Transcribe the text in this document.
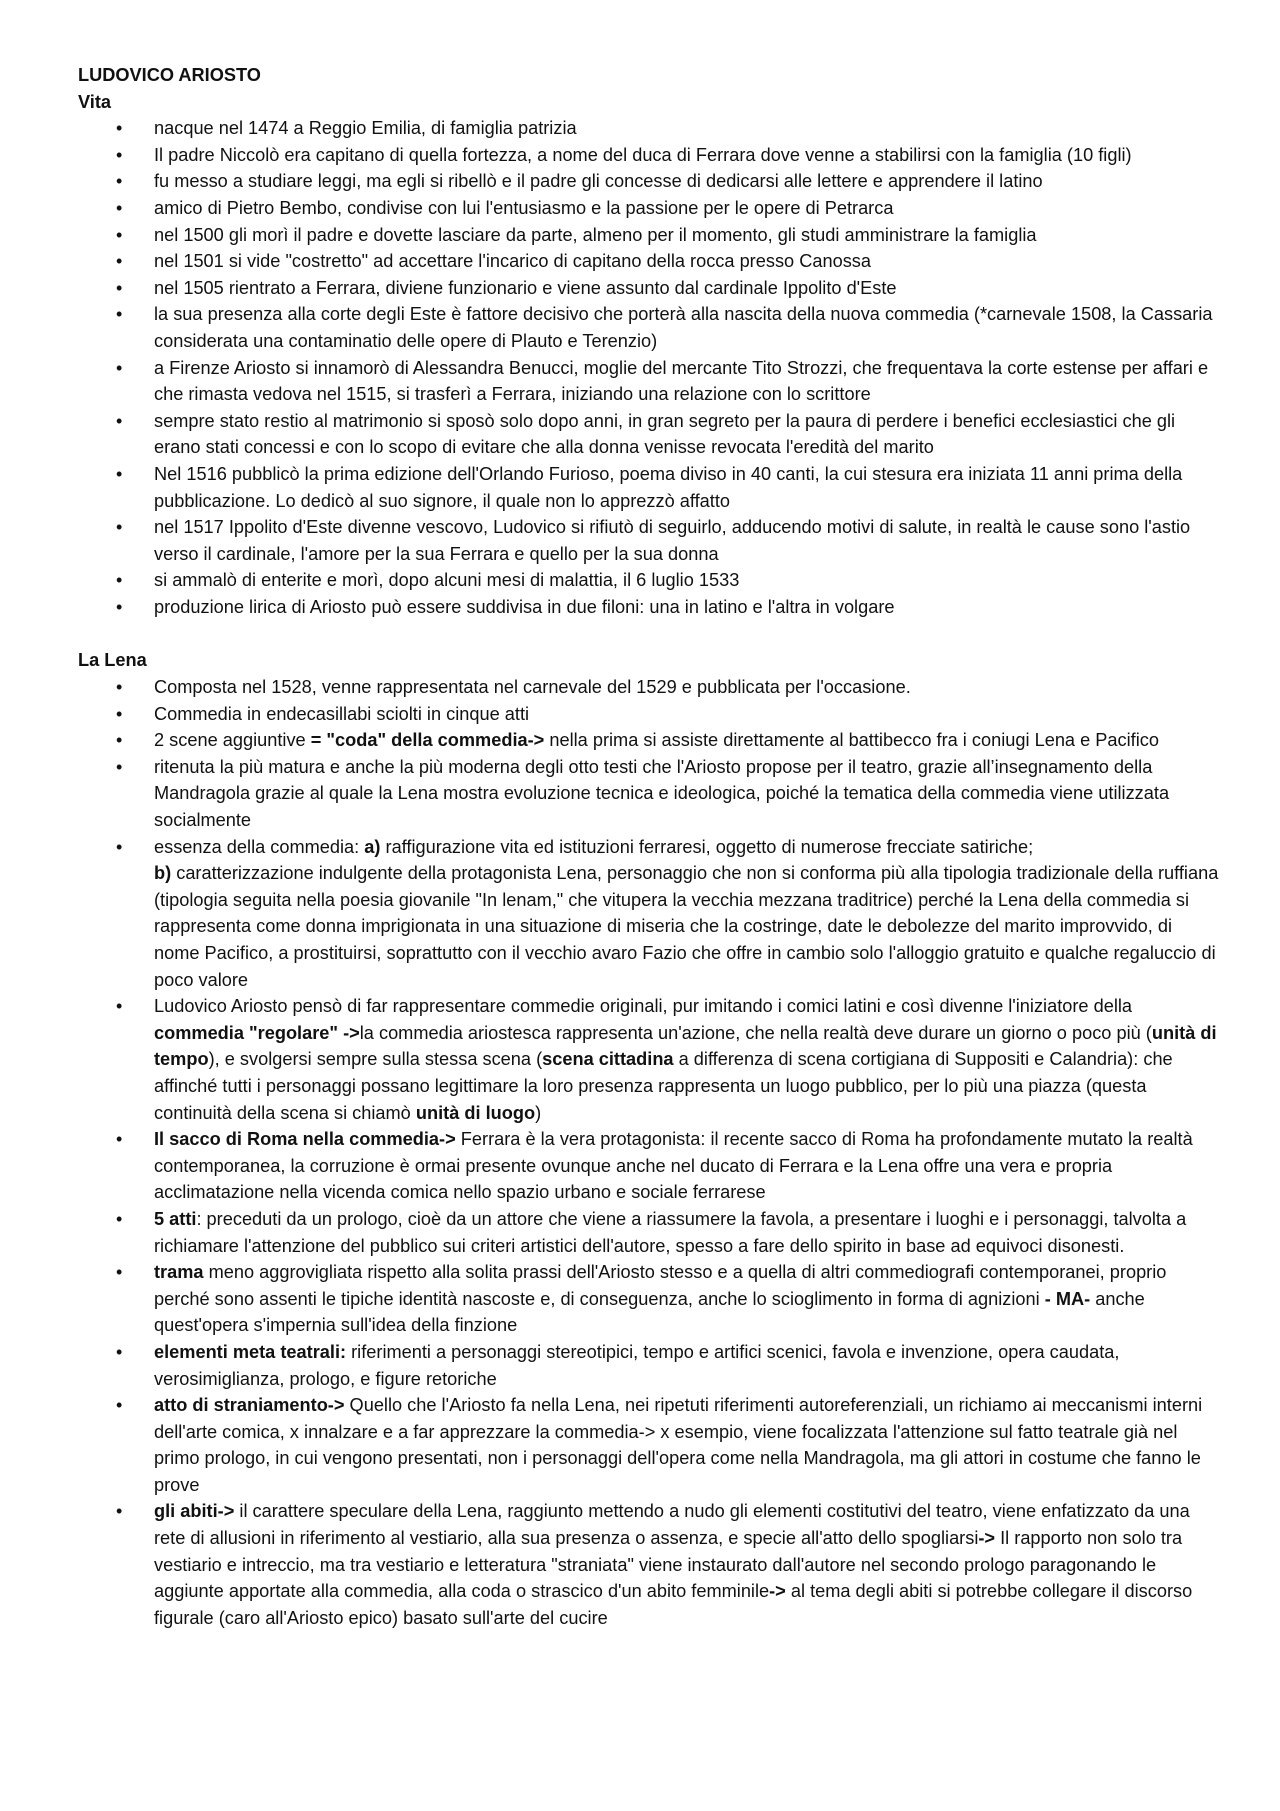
LUDOVICO ARIOSTO
Vita
• nacque nel 1474 a Reggio Emilia, di famiglia patrizia
• Il padre Niccolò era capitano di quella fortezza, a nome del duca di Ferrara dove venne a stabilirsi con la famiglia (10 figli)
• fu messo a studiare leggi, ma egli si ribellò e il padre gli concesse di dedicarsi alle lettere e apprendere il latino
• amico di Pietro Bembo, condivise con lui l'entusiasmo e la passione per le opere di Petrarca
• nel 1500 gli morì il padre e dovette lasciare da parte, almeno per il momento, gli studi amministrare la famiglia
• nel 1501 si vide "costretto" ad accettare l'incarico di capitano della rocca presso Canossa
• nel 1505 rientrato a Ferrara, diviene funzionario e viene assunto dal cardinale Ippolito d'Este
• la sua presenza alla corte degli Este è fattore decisivo che porterà alla nascita della nuova commedia (*carnevale 1508, la Cassaria considerata una contaminatio delle opere di Plauto e Terenzio)
• a Firenze Ariosto si innamorò di Alessandra Benucci, moglie del mercante Tito Strozzi, che frequentava la corte estense per affari e che rimasta vedova nel 1515, si trasferì a Ferrara, iniziando una relazione con lo scrittore
• sempre stato restio al matrimonio si sposò solo dopo anni, in gran segreto per la paura di perdere i benefici ecclesiastici che gli erano stati concessi e con lo scopo di evitare che alla donna venisse revocata l'eredità del marito
• Nel 1516 pubblicò la prima edizione dell'Orlando Furioso, poema diviso in 40 canti, la cui stesura era iniziata 11 anni prima della pubblicazione. Lo dedicò al suo signore, il quale non lo apprezzò affatto
• nel 1517 Ippolito d'Este divenne vescovo, Ludovico si rifiutò di seguirlo, adducendo motivi di salute, in realtà le cause sono l'astio verso il cardinale, l'amore per la sua Ferrara e quello per la sua donna
• si ammalò di enterite e morì, dopo alcuni mesi di malattia, il 6 luglio 1533
• produzione lirica di Ariosto può essere suddivisa in due filoni: una in latino e l'altra in volgare
La Lena
• Composta nel 1528, venne rappresentata nel carnevale del 1529 e pubblicata per l'occasione.
• Commedia in endecasillabi sciolti in cinque atti
• 2 scene aggiuntive = "coda" della commedia-> nella prima si assiste direttamente al battibecco fra i coniugi Lena e Pacifico
• ritenuta la più matura e anche la più moderna degli otto testi che l'Ariosto propose per il teatro, grazie all’insegnamento della Mandragola grazie al quale la Lena mostra evoluzione tecnica e ideologica, poiché la tematica della commedia viene utilizzata socialmente
• essenza della commedia: a) raffigurazione vita ed istituzioni ferraresi, oggetto di numerose frecciate satiriche;
b) caratterizzazione indulgente della protagonista Lena, personaggio che non si conforma più alla tipologia tradizionale della ruffiana (tipologia seguita nella poesia giovanile "In lenam," che vitupera la vecchia mezzana traditrice) perché la Lena della commedia si rappresenta come donna imprigionata in una situazione di miseria che la costringe, date le debolezze del marito improvvido, di nome Pacifico, a prostituirsi, soprattutto con il vecchio avaro Fazio che offre in cambio solo l'alloggio gratuito e qualche regaluccio di poco valore
• Ludovico Ariosto pensò di far rappresentare commedie originali, pur imitando i comici latini e così divenne l'iniziatore della commedia "regolare" ->la commedia ariostesca rappresenta un'azione, che nella realtà deve durare un giorno o poco più (unità di tempo), e svolgersi sempre sulla stessa scena (scena cittadina a differenza di scena cortigiana di Suppositi e Calandria): che affinché tutti i personaggi possano legittimare la loro presenza rappresenta un luogo pubblico, per lo più una piazza (questa continuità della scena si chiamò unità di luogo)
• Il sacco di Roma nella commedia-> Ferrara è la vera protagonista: il recente sacco di Roma ha profondamente mutato la realtà contemporanea, la corruzione è ormai presente ovunque anche nel ducato di Ferrara e la Lena offre una vera e propria acclimatazione nella vicenda comica nello spazio urbano e sociale ferrarese
• 5 atti: preceduti da un prologo, cioè da un attore che viene a riassumere la favola, a presentare i luoghi e i personaggi, talvolta a richiamare l'attenzione del pubblico sui criteri artistici dell'autore, spesso a fare dello spirito in base ad equivoci disonesti.
• trama meno aggrovigliata rispetto alla solita prassi dell'Ariosto stesso e a quella di altri commediografi contemporanei, proprio perché sono assenti le tipiche identità nascoste e, di conseguenza, anche lo scioglimento in forma di agnizioni - MA- anche quest'opera s'impernia sull'idea della finzione
• elementi meta teatrali: riferimenti a personaggi stereotipici, tempo e artifici scenici, favola e invenzione, opera caudata, verosimiglianza, prologo, e figure retoriche
• atto di straniamento-> Quello che l'Ariosto fa nella Lena, nei ripetuti riferimenti autoreferenziali, un richiamo ai meccanismi interni dell'arte comica, x innalzare e a far apprezzare la commedia-> x esempio, viene focalizzata l'attenzione sul fatto teatrale già nel primo prologo, in cui vengono presentati, non i personaggi dell'opera come nella Mandragola, ma gli attori in costume che fanno le prove
• gli abiti-> il carattere speculare della Lena, raggiunto mettendo a nudo gli elementi costitutivi del teatro, viene enfatizzato da una rete di allusioni in riferimento al vestiario, alla sua presenza o assenza, e specie all'atto dello spogliarsi-> Il rapporto non solo tra vestiario e intreccio, ma tra vestiario e letteratura "straniata" viene instaurato dall'autore nel secondo prologo paragonando le aggiunte apportate alla commedia, alla coda o strascico d'un abito femminile-> al tema degli abiti si potrebbe collegare il discorso figurale (caro all'Ariosto epico) basato sull'arte del cucire
